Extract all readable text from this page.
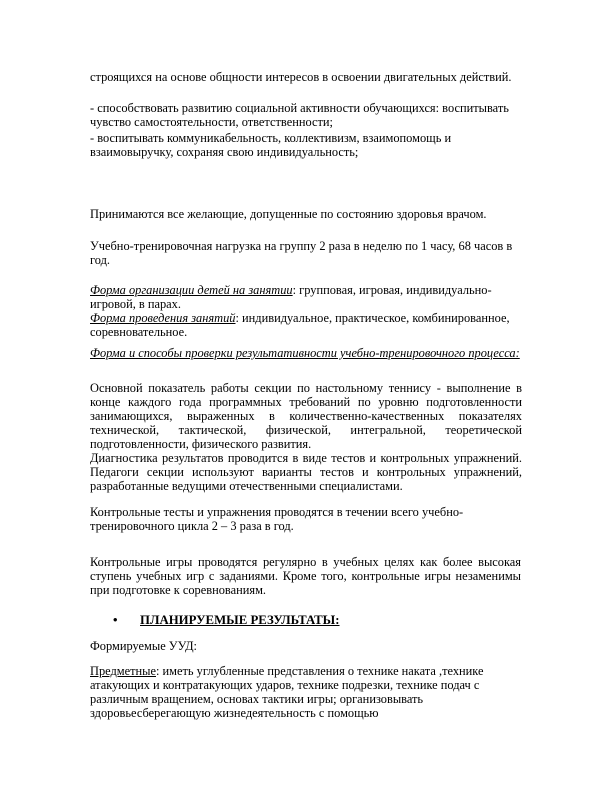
строящихся на основе общности интересов в освоении двигательных действий.

- способствовать развитию социальной активности обучающихся: воспитывать чувство самостоятельности, ответственности;

- воспитывать коммуникабельность, коллективизм, взаимопомощь и взаимовыручку, сохраняя свою индивидуальность;

Принимаются все желающие, допущенные по состоянию здоровья врачом.

Учебно-тренировочная нагрузка на группу 2 раза в неделю по 1 часу, 68 часов в год.

Форма организации детей на занятии: групповая, игровая, индивидуально-игровой, в парах.

Форма проведения занятий: индивидуальное, практическое, комбинированное, соревновательное.

Форма и способы проверки результативности учебно-тренировочного процесса:

Основной показатель работы секции по настольному теннису - выполнение в конце каждого года программных требований по уровню подготовленности занимающихся, выраженных в количественно-качественных показателях технической, тактической, физической, интегральной, теоретической подготовленности, физического развития.

Диагностика результатов проводится в виде тестов и контрольных упражнений. Педагоги секции используют варианты тестов и контрольных упражнений, разработанные ведущими отечественными специалистами.

Контрольные тесты и упражнения проводятся в течении всего учебно-тренировочного цикла 2 – 3 раза в год.

Контрольные игры проводятся регулярно в учебных целях как более высокая ступень учебных игр с заданиями. Кроме того, контрольные игры незаменимы при подготовке к соревнованиям.

•	ПЛАНИРУЕМЫЕ РЕЗУЛЬТАТЫ:

Формируемые УУД:

Предметные: иметь углубленные представления о технике наката ,технике атакующих и контратакующих ударов, технике подрезки, технике подач с различным вращением, основах тактики игры; организовывать здоровьесберегающую жизнедеятельность с помощью
